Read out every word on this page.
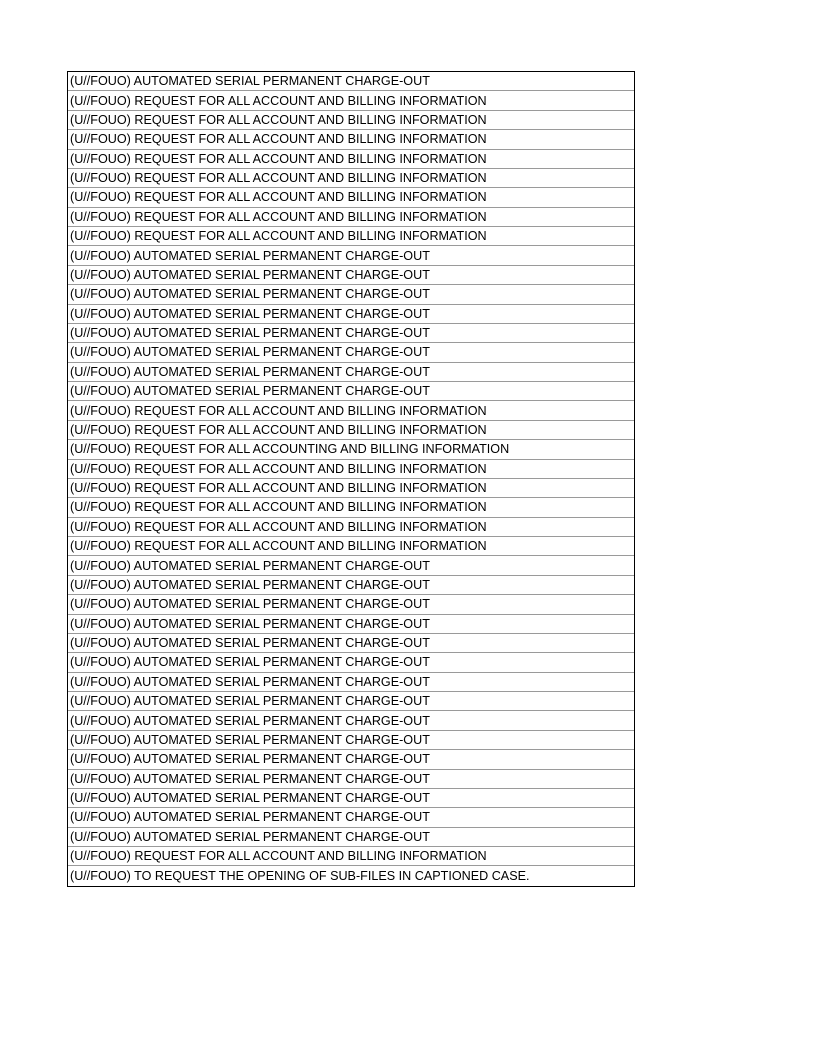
(U//FOUO) AUTOMATED SERIAL PERMANENT CHARGE-OUT
(U//FOUO) REQUEST FOR ALL ACCOUNT AND BILLING INFORMATION
(U//FOUO) REQUEST FOR ALL ACCOUNT AND BILLING INFORMATION
(U//FOUO) REQUEST FOR ALL ACCOUNT AND BILLING INFORMATION
(U//FOUO) REQUEST FOR ALL ACCOUNT AND BILLING INFORMATION
(U//FOUO) REQUEST FOR ALL ACCOUNT AND BILLING INFORMATION
(U//FOUO) REQUEST FOR ALL ACCOUNT AND BILLING INFORMATION
(U//FOUO) REQUEST FOR ALL ACCOUNT AND BILLING INFORMATION
(U//FOUO) REQUEST FOR ALL ACCOUNT AND BILLING INFORMATION
(U//FOUO) AUTOMATED SERIAL PERMANENT CHARGE-OUT
(U//FOUO) AUTOMATED SERIAL PERMANENT CHARGE-OUT
(U//FOUO) AUTOMATED SERIAL PERMANENT CHARGE-OUT
(U//FOUO) AUTOMATED SERIAL PERMANENT CHARGE-OUT
(U//FOUO) AUTOMATED SERIAL PERMANENT CHARGE-OUT
(U//FOUO) AUTOMATED SERIAL PERMANENT CHARGE-OUT
(U//FOUO) AUTOMATED SERIAL PERMANENT CHARGE-OUT
(U//FOUO) AUTOMATED SERIAL PERMANENT CHARGE-OUT
(U//FOUO) REQUEST FOR ALL ACCOUNT AND BILLING INFORMATION
(U//FOUO) REQUEST FOR ALL ACCOUNT AND BILLING INFORMATION
(U//FOUO) REQUEST FOR ALL ACCOUNTING AND BILLING INFORMATION
(U//FOUO) REQUEST FOR ALL ACCOUNT AND BILLING INFORMATION
(U//FOUO) REQUEST FOR ALL ACCOUNT AND BILLING INFORMATION
(U//FOUO) REQUEST FOR ALL ACCOUNT AND BILLING INFORMATION
(U//FOUO) REQUEST FOR ALL ACCOUNT AND BILLING INFORMATION
(U//FOUO) REQUEST FOR ALL ACCOUNT AND BILLING INFORMATION
(U//FOUO) AUTOMATED SERIAL PERMANENT CHARGE-OUT
(U//FOUO) AUTOMATED SERIAL PERMANENT CHARGE-OUT
(U//FOUO) AUTOMATED SERIAL PERMANENT CHARGE-OUT
(U//FOUO) AUTOMATED SERIAL PERMANENT CHARGE-OUT
(U//FOUO) AUTOMATED SERIAL PERMANENT CHARGE-OUT
(U//FOUO) AUTOMATED SERIAL PERMANENT CHARGE-OUT
(U//FOUO) AUTOMATED SERIAL PERMANENT CHARGE-OUT
(U//FOUO) AUTOMATED SERIAL PERMANENT CHARGE-OUT
(U//FOUO) AUTOMATED SERIAL PERMANENT CHARGE-OUT
(U//FOUO) AUTOMATED SERIAL PERMANENT CHARGE-OUT
(U//FOUO) AUTOMATED SERIAL PERMANENT CHARGE-OUT
(U//FOUO) AUTOMATED SERIAL PERMANENT CHARGE-OUT
(U//FOUO) AUTOMATED SERIAL PERMANENT CHARGE-OUT
(U//FOUO) AUTOMATED SERIAL PERMANENT CHARGE-OUT
(U//FOUO) AUTOMATED SERIAL PERMANENT CHARGE-OUT
(U//FOUO) REQUEST FOR ALL ACCOUNT AND BILLING INFORMATION
(U//FOUO) TO REQUEST THE OPENING OF SUB-FILES IN CAPTIONED CASE.
